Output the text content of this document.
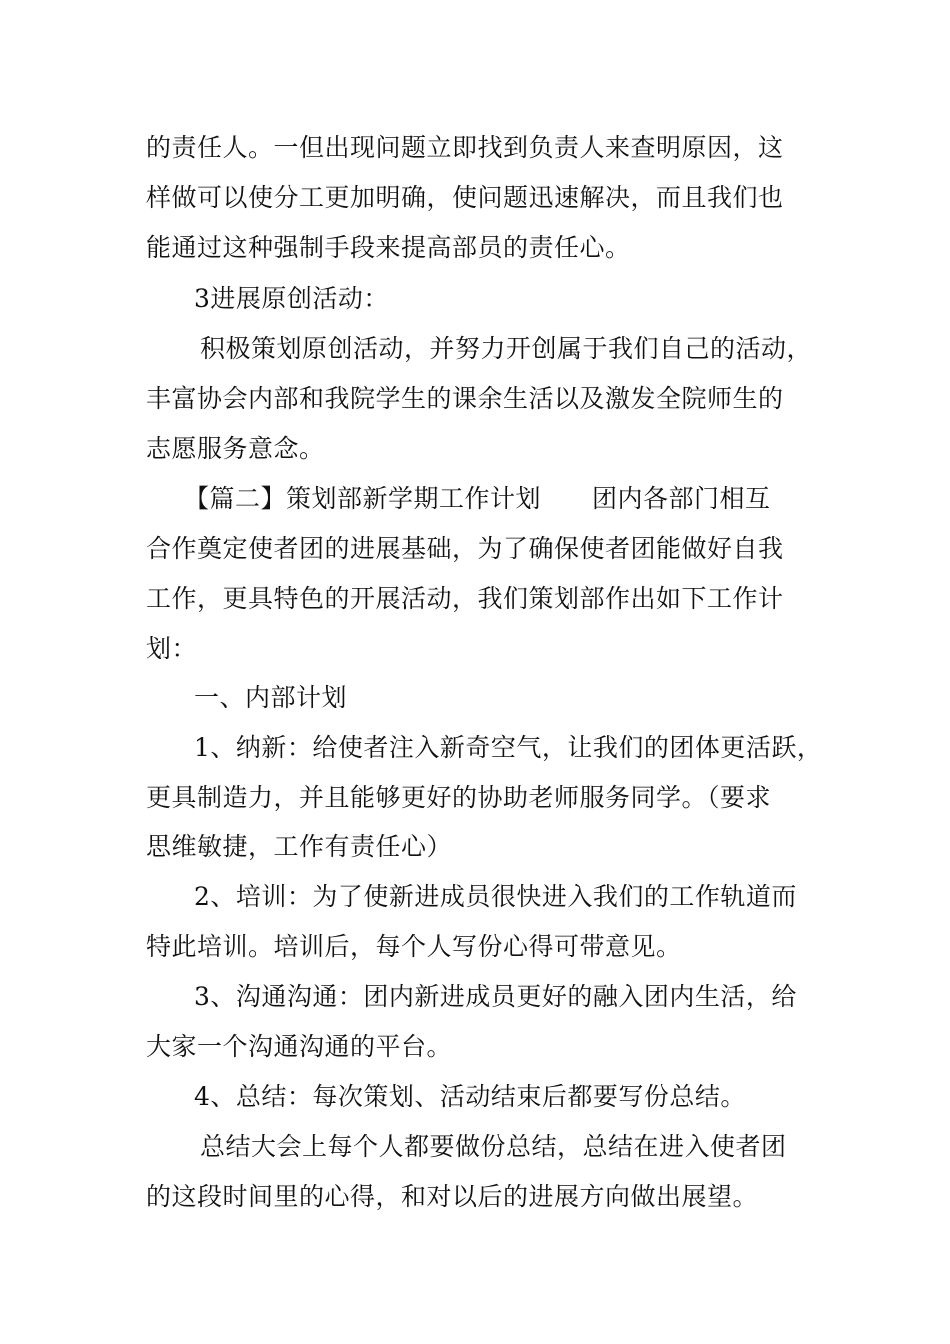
的责任人。一但出现问题立即找到负责人来查明原因，这

样做可以使分工更加明确，使问题迅速解决，而且我们也

能通过这种强制手段来提高部员的责任心。

3进展原创活动：

积极策划原创活动，并努力开创属于我们自己的活动，

丰富协会内部和我院学生的课余生活以及激发全院师生的

志愿服务意念。

【篇二】策划部新学期工作计划　　团内各部门相互

合作奠定使者团的进展基础，为了确保使者团能做好自我

工作，更具特色的开展活动，我们策划部作出如下工作计

划：

一、内部计划

1、纳新：给使者注入新奇空气，让我们的团体更活跃，

更具制造力，并且能够更好的协助老师服务同学。（要求

思维敏捷，工作有责任心）

2、培训：为了使新进成员很快进入我们的工作轨道而

特此培训。培训后，每个人写份心得可带意见。

3、沟通沟通：团内新进成员更好的融入团内生活，给

大家一个沟通沟通的平台。

4、总结：每次策划、活动结束后都要写份总结。

总结大会上每个人都要做份总结，总结在进入使者团

的这段时间里的心得，和对以后的进展方向做出展望。
